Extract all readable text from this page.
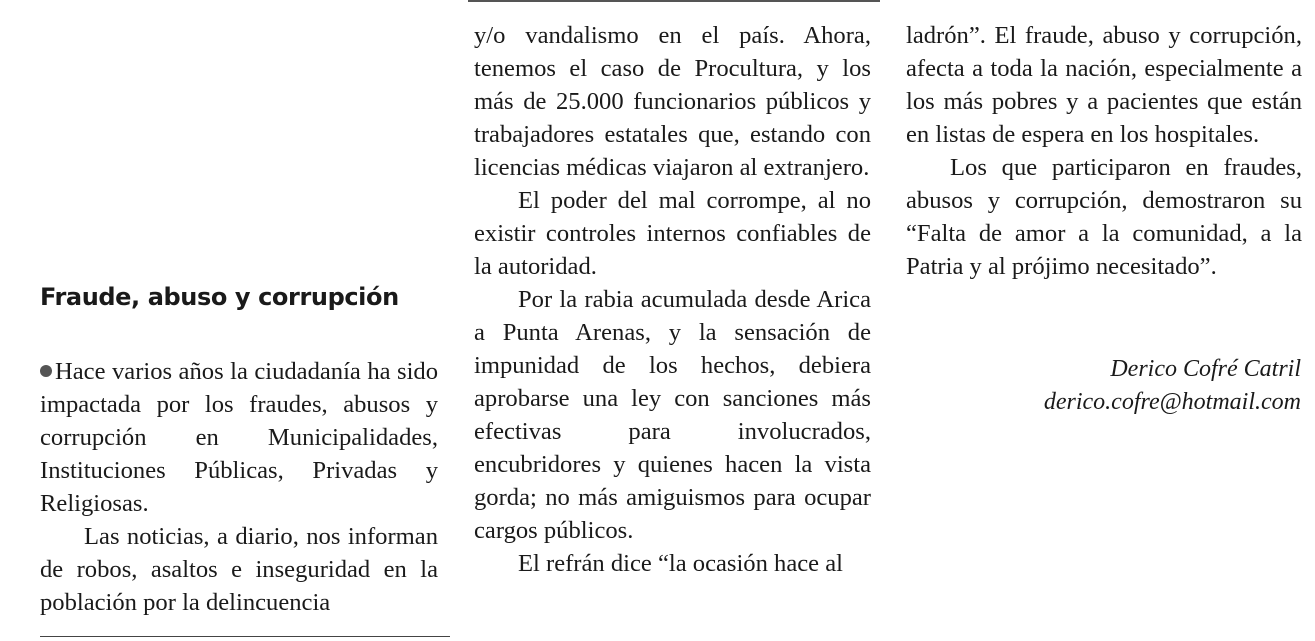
Fraude, abuso y corrupción

Hace varios años la ciudadanía ha sido impactada por los fraudes, abusos y corrupción en Municipalidades, Instituciones Públicas, Privadas y Religiosas.

Las noticias, a diario, nos informan de robos, asaltos e inseguridad en la población por la delincuencia

y/o vandalismo en el país. Ahora, tenemos el caso de Procultura, y los más de 25.000 funcionarios públicos y trabajadores estatales que, estando con licencias médicas viajaron al extranjero.

El poder del mal corrompe, al no existir controles internos confiables de la autoridad.

Por la rabia acumulada desde Arica a Punta Arenas, y la sensación de impunidad de los hechos, debiera aprobarse una ley con sanciones más efectivas para involucrados, encubridores y quienes hacen la vista gorda; no más amiguismos para ocupar cargos públicos.

El refrán dice “la ocasión hace al

ladrón”. El fraude, abuso y corrupción, afecta a toda la nación, especialmente a los más pobres y a pacientes que están en listas de espera en los hospitales.

Los que participaron en fraudes, abusos y corrupción, demostraron su “Falta de amor a la comunidad, a la Patria y al prójimo necesitado”.

Derico Cofré Catril
derico.cofre@hotmail.com
